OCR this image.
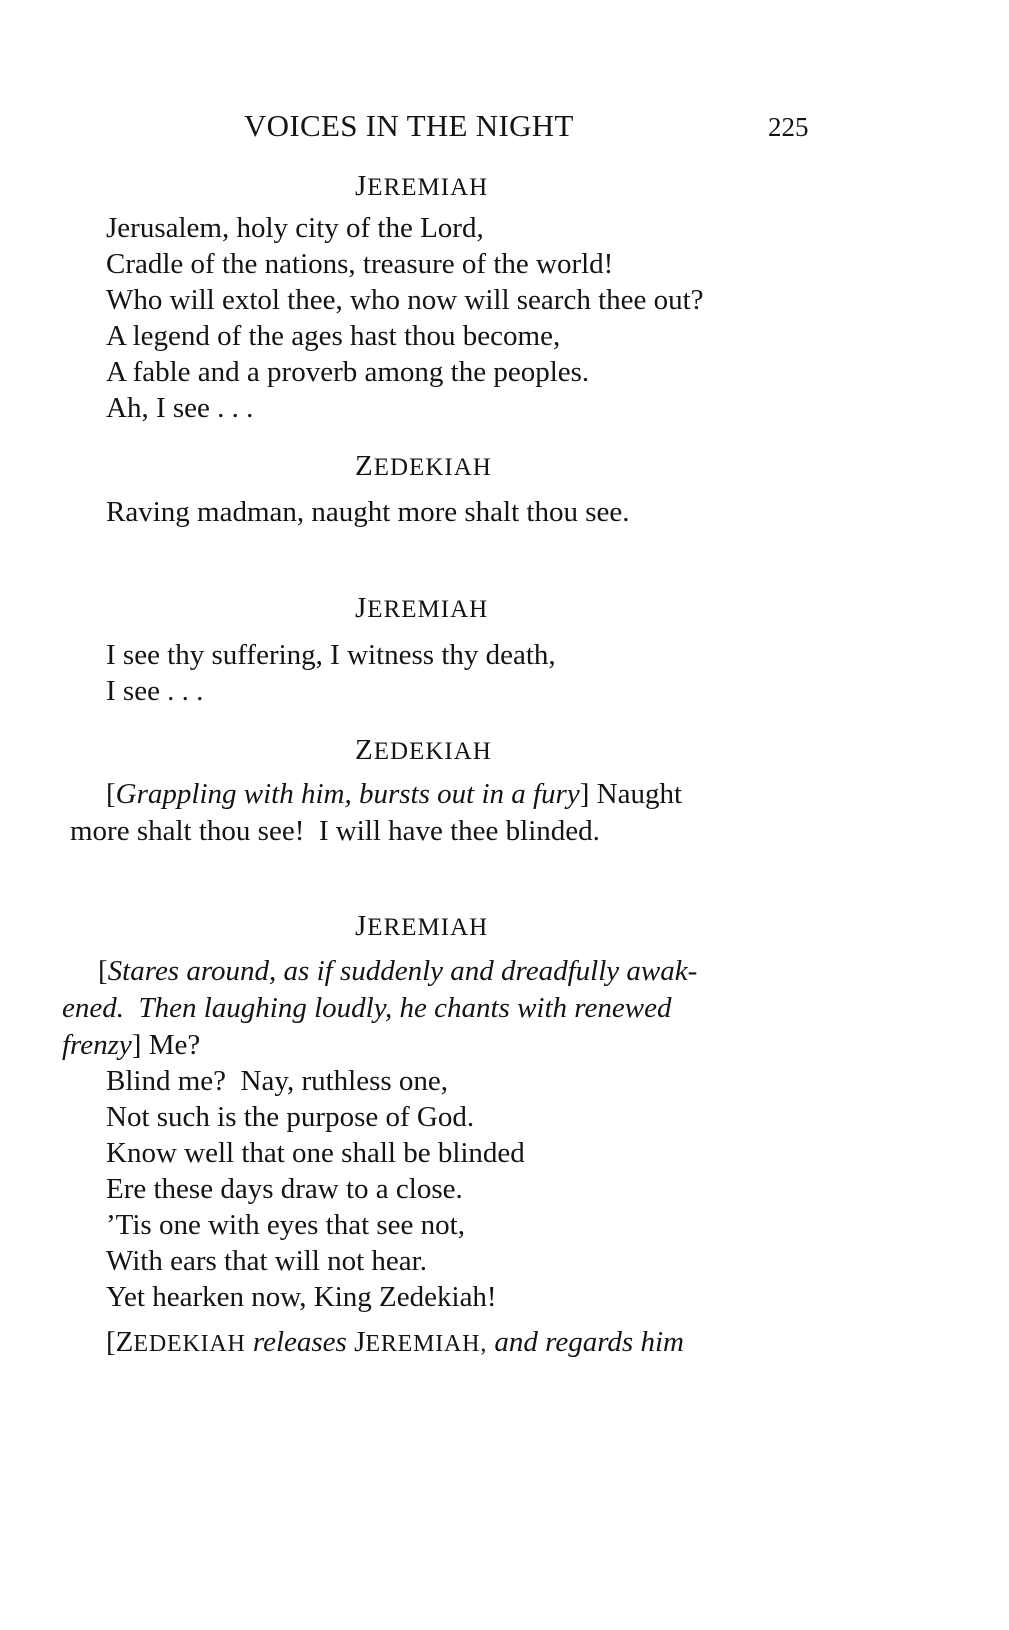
VOICES IN THE NIGHT	225
JEREMIAH
Jerusalem, holy city of the Lord,
Cradle of the nations, treasure of the world!
Who will extol thee, who now will search thee out?
A legend of the ages hast thou become,
A fable and a proverb among the peoples.
Ah, I see . . .
ZEDEKIAH
Raving madman, naught more shalt thou see.
JEREMIAH
I see thy suffering, I witness thy death,
I see . . .
ZEDEKIAH
[Grappling with him, bursts out in a fury] Naught
more shalt thou see!  I will have thee blinded.
JEREMIAH
[Stares around, as if suddenly and dreadfully awak-
ened.  Then laughing loudly, he chants with renewed
frenzy] Me?
Blind me?  Nay, ruthless one,
Not such is the purpose of God.
Know well that one shall be blinded
Ere these days draw to a close.
’Tis one with eyes that see not,
With ears that will not hear.
Yet hearken now, King Zedekiah!
[ZEDEKIAH releases JEREMIAH, and regards him
